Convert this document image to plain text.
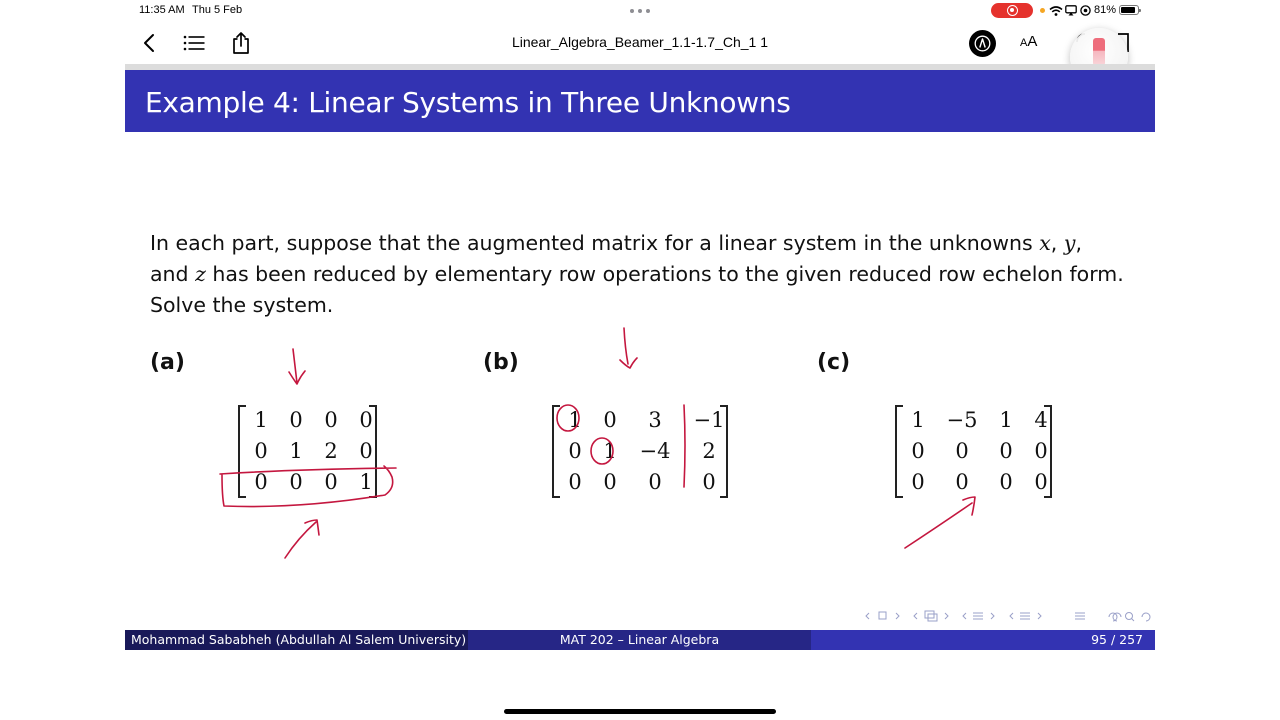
11:35 AM Thu 5 Feb	81%
Linear_Algebra_Beamer_1.1-1.7_Ch_1 1	AA
Example 4: Linear Systems in Three Unknowns
In each part, suppose that the augmented matrix for a linear system in the unknowns x, y,
and z has been reduced by elementary row operations to the given reduced row echelon form.
Solve the system.
(a)
1	0	0	0
0	1	2	0
0	0	0	1
(b)
1	0	3	−1
0	1	−4	2
0	0	0	0
(c)
1	−5	1	4
0	0	0	0
0	0	0	0
Mohammad Sababheh (Abdullah Al Salem University)	MAT 202 – Linear Algebra	95 / 257
